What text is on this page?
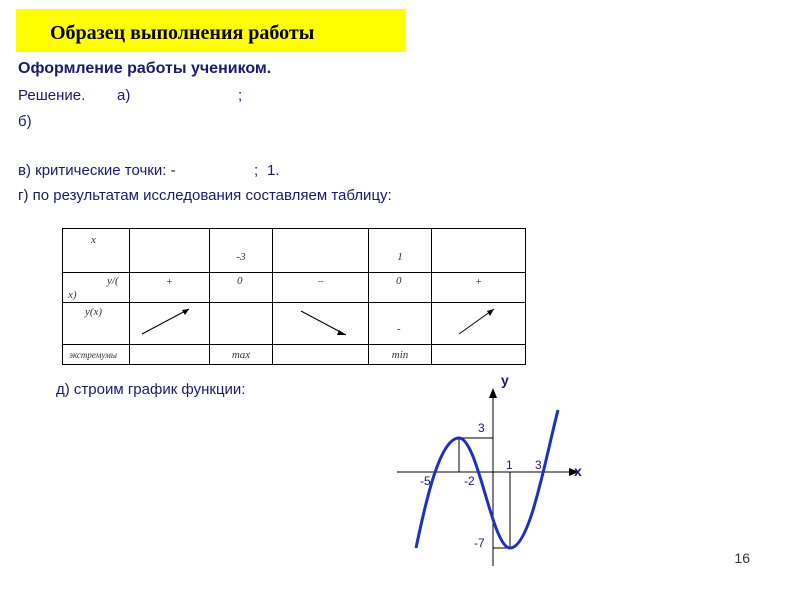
Образец выполнения работы
Оформление работы учеником.
Решение. а)	;
б)
в) критические точки: -	; 1.
г) по результатам исследования составляем таблицу:
д) строим график функции:
x		-3		1	

y/(
x)	+	0	−	0	+

y(x)				-

экстремумы		max		min	
y
x
3
1 3
-5	-2
-7
16
